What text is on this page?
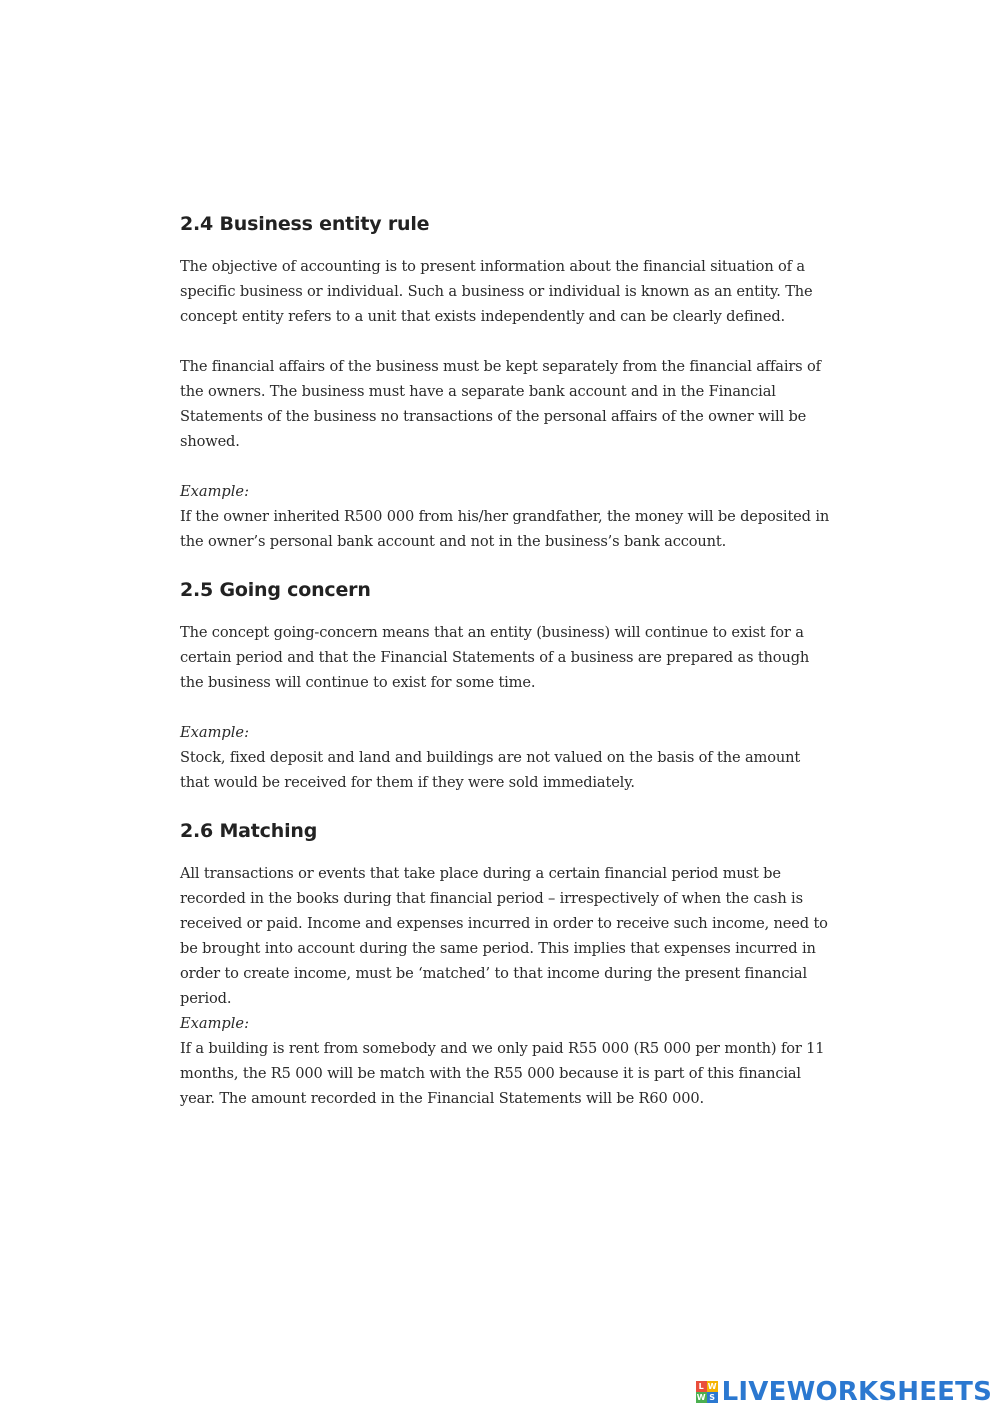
2.4 Business entity rule

The objective of accounting is to present information about the financial situation of a specific business or individual. Such a business or individual is known as an entity. The concept entity refers to a unit that exists independently and can be clearly defined.

The financial affairs of the business must be kept separately from the financial affairs of the owners. The business must have a separate bank account and in the Financial Statements of the business no transactions of the personal affairs of the owner will be showed.

Example:

If the owner inherited R500 000 from his/her grandfather, the money will be deposited in the owner’s personal bank account and not in the business’s bank account.

2.5 Going concern

The concept going-concern means that an entity (business) will continue to exist for a certain period and that the Financial Statements of a business are prepared as though the business will continue to exist for some time.

Example:

Stock, fixed deposit and land and buildings are not valued on the basis of the amount that would be received for them if they were sold immediately.

2.6 Matching

All transactions or events that take place during a certain financial period must be recorded in the books during that financial period – irrespectively of when the cash is received or paid. Income and expenses incurred in order to receive such income, need to be brought into account during the same period. This implies that expenses incurred in order to create income, must be ‘matched’ to that income during the present financial period.

Example:

If a building is rent from somebody and we only paid R55 000 (R5 000 per month) for 11 months, the R5 000 will be match with the R55 000 because it is part of this financial year. The amount recorded in the Financial Statements will be R60 000.

L W
W S LIVEWORKSHEETS
